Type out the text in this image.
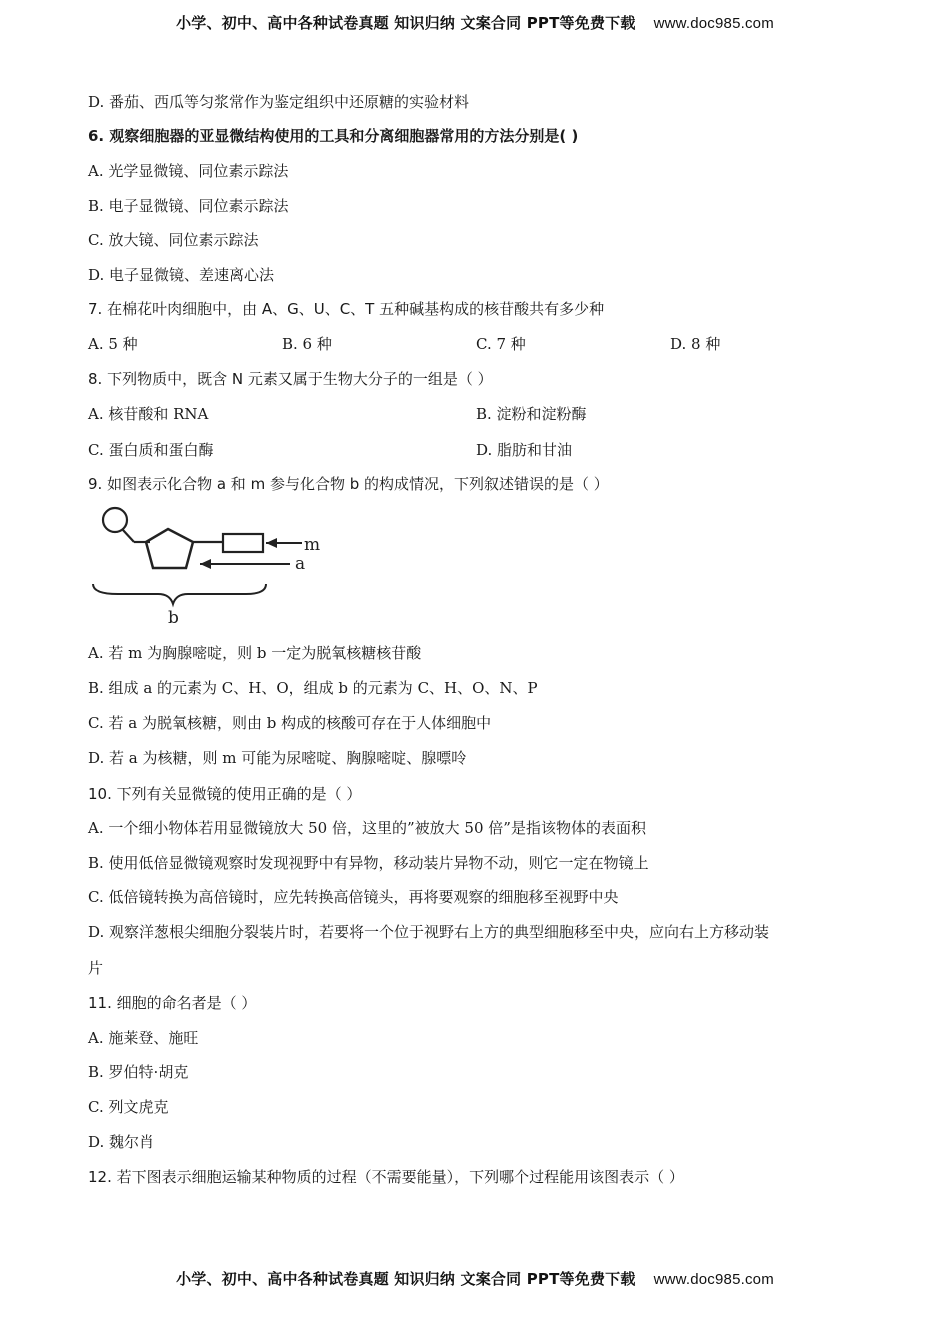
小学、初中、高中各种试卷真题 知识归纳 文案合同 PPT等免费下载 www.doc985.com
D. 番茄、西瓜等匀浆常作为鉴定组织中还原糖的实验材料
6. 观察细胞器的亚显微结构使用的工具和分离细胞器常用的方法分别是( )
A. 光学显微镜、同位素示踪法
B. 电子显微镜、同位素示踪法
C. 放大镜、同位素示踪法
D. 电子显微镜、差速离心法
7. 在棉花叶肉细胞中，由 A、G、U、C、T 五种碱基构成的核苷酸共有多少种
A. 5 种	B. 6 种	C. 7 种	D. 8 种
8. 下列物质中，既含 N 元素又属于生物大分子的一组是（ ）
A. 核苷酸和 RNA	B. 淀粉和淀粉酶
C. 蛋白质和蛋白酶	D. 脂肪和甘油
9. 如图表示化合物 a 和 m 参与化合物 b 的构成情况，下列叙述错误的是（ ）
m
a
b
A. 若 m 为胸腺嘧啶，则 b 一定为脱氧核糖核苷酸
B. 组成 a 的元素为 C、H、O，组成 b 的元素为 C、H、O、N、P
C. 若 a 为脱氧核糖，则由 b 构成的核酸可存在于人体细胞中
D. 若 a 为核糖，则 m 可能为尿嘧啶、胸腺嘧啶、腺嘌呤
10. 下列有关显微镜的使用正确的是（ ）
A. 一个细小物体若用显微镜放大 50 倍，这里的”被放大 50 倍”是指该物体的表面积
B. 使用低倍显微镜观察时发现视野中有异物，移动装片异物不动，则它一定在物镜上
C. 低倍镜转换为高倍镜时，应先转换高倍镜头，再将要观察的细胞移至视野中央
D. 观察洋葱根尖细胞分裂装片时，若要将一个位于视野右上方的典型细胞移至中央，应向右上方移动装
片
11. 细胞的命名者是（ ）
A. 施莱登、施旺
B. 罗伯特·胡克
C. 列文虎克
D. 魏尔肖
12. 若下图表示细胞运输某种物质的过程（不需要能量），下列哪个过程能用该图表示（ ）
小学、初中、高中各种试卷真题 知识归纳 文案合同 PPT等免费下载 www.doc985.com
